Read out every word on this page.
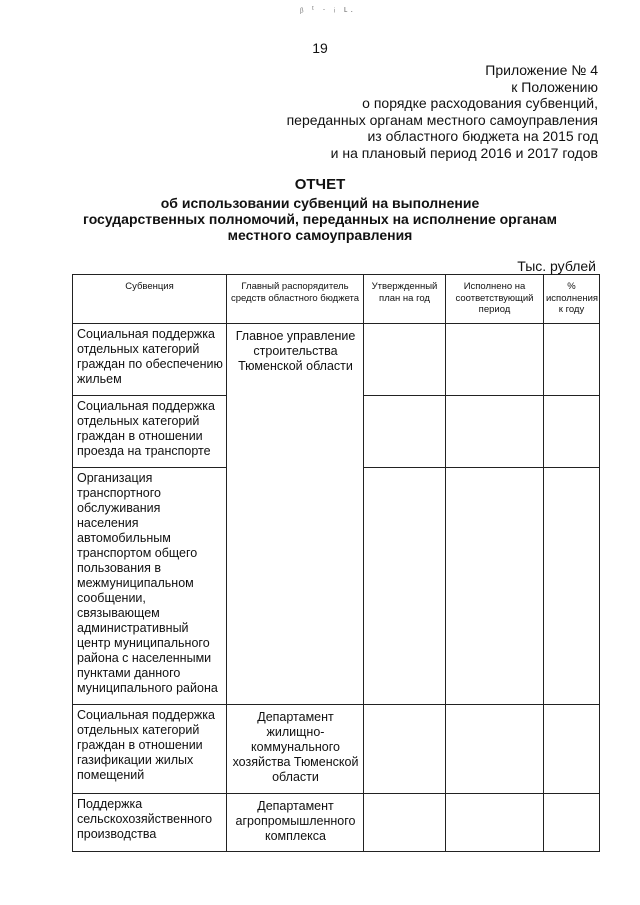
ᵦ ᵗ · ᵢ ʟ.
19
Приложение № 4
к Положению
о порядке расходования субвенций,
переданных органам местного самоуправления
из областного бюджета на 2015 год
и на плановый период 2016 и 2017 годов
ОТЧЕТ
об использовании субвенций на выполнение
государственных полномочий, переданных на исполнение органам
местного самоуправления
Тыс. рублей
Субвенция	Главный распорядитель средств областного бюджета	Утвержденный план на год	Исполнено на соответствующий период	% исполнения к году
Социальная поддержка отдельных категорий граждан по обеспечению жильем	Главное управление строительства Тюменской области			
Социальная поддержка отдельных категорий граждан в отношении проезда на транспорте				
Организация транспортного обслуживания населения автомобильным транспортом общего пользования в межмуниципальном сообщении, связывающем административный центр муниципального района с населенными пунктами данного муниципального района				
Социальная поддержка отдельных категорий граждан в отношении газификации жилых помещений	Департамент жилищно-коммунального хозяйства Тюменской области			
Поддержка сельскохозяйственного производства	Департамент агропромышленного комплекса			
